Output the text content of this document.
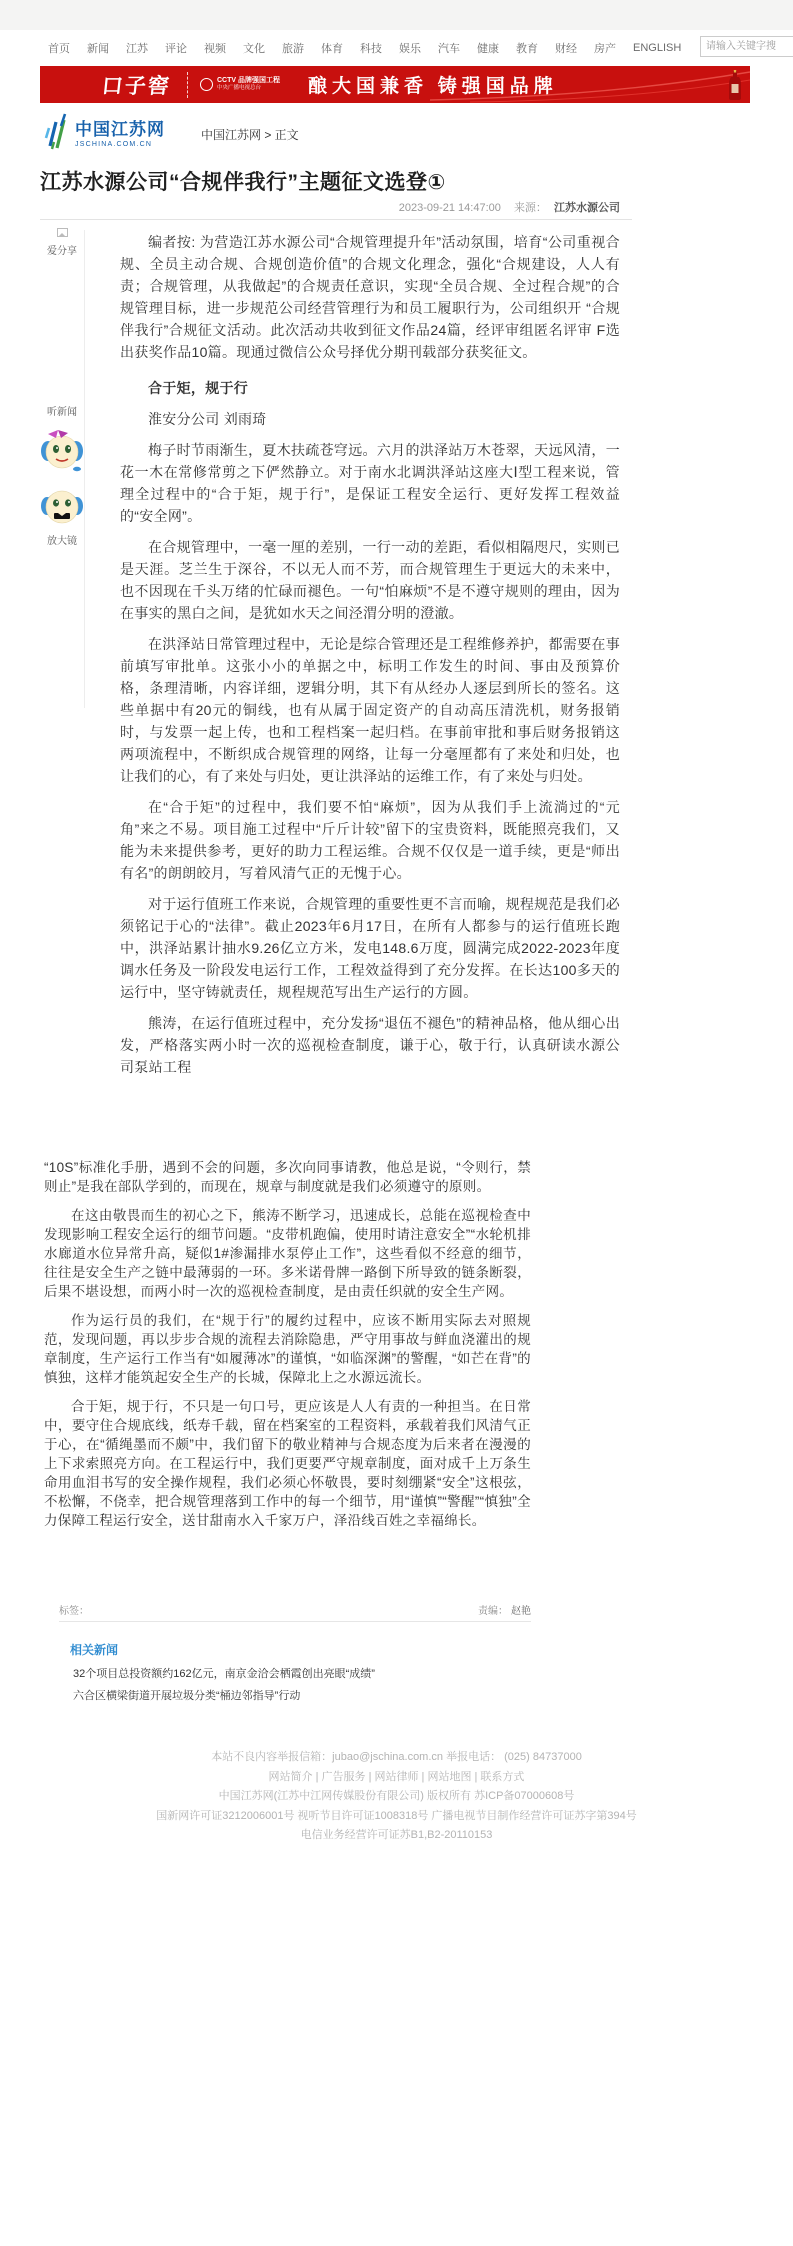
首页 新闻 江苏 评论 视频 文化 旅游 体育 科技 娱乐 汽车 健康 教育 财经 房产 ENGLISH
请输入关键字搜
口子窖	CCTV 品牌强国工程
中央广播电视总台	酿大国兼香 铸强国品牌
中国江苏网
JSCHINA.COM.CN
中国江苏网 > 正文
江苏水源公司“合规伴我行”主题征文选登①
2023-09-21 14:47:00 来源： 江苏水源公司
爱分享
听新闻
放大镜

编者按: 为营造江苏水源公司“合规管理提升年”活动氛围，培育“公司重视合规、全员主动合规、合规创造价值”的合规文化理念，强化“合规建设，人人有责；合规管理，从我做起”的合规责任意识，实现“全员合规、全过程合规”的合规管理目标，进一步规范公司经营管理行为和员工履职行为，公司组织开 “合规伴我行”合规征文活动。此次活动共收到征文作品24篇，经评审组匿名评审 F选出获奖作品10篇。现通过微信公众号择优分期刊载部分获奖征文。

合于矩，规于行

淮安分公司 刘雨琦

梅子时节雨渐生，夏木扶疏苍穹远。六月的洪泽站万木苍翠，天远风清，一花一木在常修常剪之下俨然静立。对于南水北调洪泽站这座大Ⅰ型工程来说，管理全过程中的“合于矩，规于行”，是保证工程安全运行、更好发挥工程效益的“安全网”。

在合规管理中，一毫一厘的差别，一行一动的差距，看似相隔咫尺，实则已是天涯。芝兰生于深谷，不以无人而不芳，而合规管理生于更远大的未来中，也不因现在千头万绪的忙碌而褪色。一句“怕麻烦”不是不遵守规则的理由，因为在事实的黑白之间，是犹如水天之间泾渭分明的澄澈。

在洪泽站日常管理过程中，无论是综合管理还是工程维修养护，都需要在事前填写审批单。这张小小的单据之中，标明工作发生的时间、事由及预算价格，条理清晰，内容详细，逻辑分明，其下有从经办人逐层到所长的签名。这些单据中有20元的铜线，也有从属于固定资产的自动高压清洗机，财务报销时，与发票一起上传，也和工程档案一起归档。在事前审批和事后财务报销这两项流程中，不断织成合规管理的网络，让每一分毫厘都有了来处和归处，也让我们的心，有了来处与归处，更让洪泽站的运维工作，有了来处与归处。

在“合于矩”的过程中，我们要不怕“麻烦”，因为从我们手上流淌过的“元角”来之不易。项目施工过程中“斤斤计较”留下的宝贵资料，既能照亮我们，又能为未来提供参考，更好的助力工程运维。合规不仅仅是一道手续，更是“师出有名”的朗朗皎月，写着风清气正的无愧于心。

对于运行值班工作来说，合规管理的重要性更不言而喻，规程规范是我们必须铭记于心的“法律”。截止2023年6月17日，在所有人都参与的运行值班长跑中，洪泽站累计抽水9.26亿立方米，发电148.6万度，圆满完成2022-2023年度调水任务及一阶段发电运行工作，工程效益得到了充分发挥。在长达100多天的运行中，坚守铸就责任，规程规范写出生产运行的方圆。

熊涛，在运行值班过程中，充分发扬“退伍不褪色”的精神品格，他从细心出发，严格落实两小时一次的巡视检查制度，谦于心，敬于行，认真研读水源公司泵站工程

“10S”标准化手册，遇到不会的问题，多次向同事请教，他总是说，“令则行，禁则止”是我在部队学到的，而现在，规章与制度就是我们必须遵守的原则。

在这由敬畏而生的初心之下，熊涛不断学习，迅速成长，总能在巡视检查中发现影响工程安全运行的细节问题。“皮带机跑偏，使用时请注意安全”“水轮机排水廊道水位异常升高，疑似1#渗漏排水泵停止工作”，这些看似不经意的细节，往往是安全生产之链中最薄弱的一环。多米诺骨牌一路倒下所导致的链条断裂，后果不堪设想，而两小时一次的巡视检查制度，是由责任织就的安全生产网。

作为运行员的我们，在“规于行”的履约过程中，应该不断用实际去对照规范，发现问题，再以步步合规的流程去消除隐患，严守用事故与鲜血浇灌出的规章制度，生产运行工作当有“如履薄冰”的谨慎，“如临深渊”的警醒，“如芒在背”的慎独，这样才能筑起安全生产的长城，保障北上之水源远流长。

合于矩，规于行，不只是一句口号，更应该是人人有责的一种担当。在日常中，要守住合规底线，纸寿千载，留在档案室的工程资料，承载着我们风清气正于心，在“循绳墨而不颇”中，我们留下的敬业精神与合规态度为后来者在漫漫的上下求索照亮方向。在工程运行中，我们更要严守规章制度，面对成千上万条生命用血泪书写的安全操作规程，我们必须心怀敬畏，要时刻绷紧“安全”这根弦，不松懈，不侥幸，把合规管理落到工作中的每一个细节，用“谨慎”“警醒”“慎独”全力保障工程运行安全，送甘甜南水入千家万户，泽沿线百姓之幸福绵长。

标签：	责编： 赵艳
相关新闻
32个项目总投资额约162亿元，南京金洽会栖霞创出亮眼“成绩”
六合区横梁街道开展垃圾分类“桶边邻指导”行动
本站不良内容举报信箱：jubao@jschina.com.cn 举报电话： (025) 84737000
网站简介 | 广告服务 | 网站律师 | 网站地图 | 联系方式
中国江苏网(江苏中江网传媒股份有限公司) 版权所有 苏ICP备07000608号
国新网许可证3212006001号 视听节目许可证1008318号 广播电视节目制作经营许可证苏字第394号
电信业务经营许可证苏B1,B2-20110153
